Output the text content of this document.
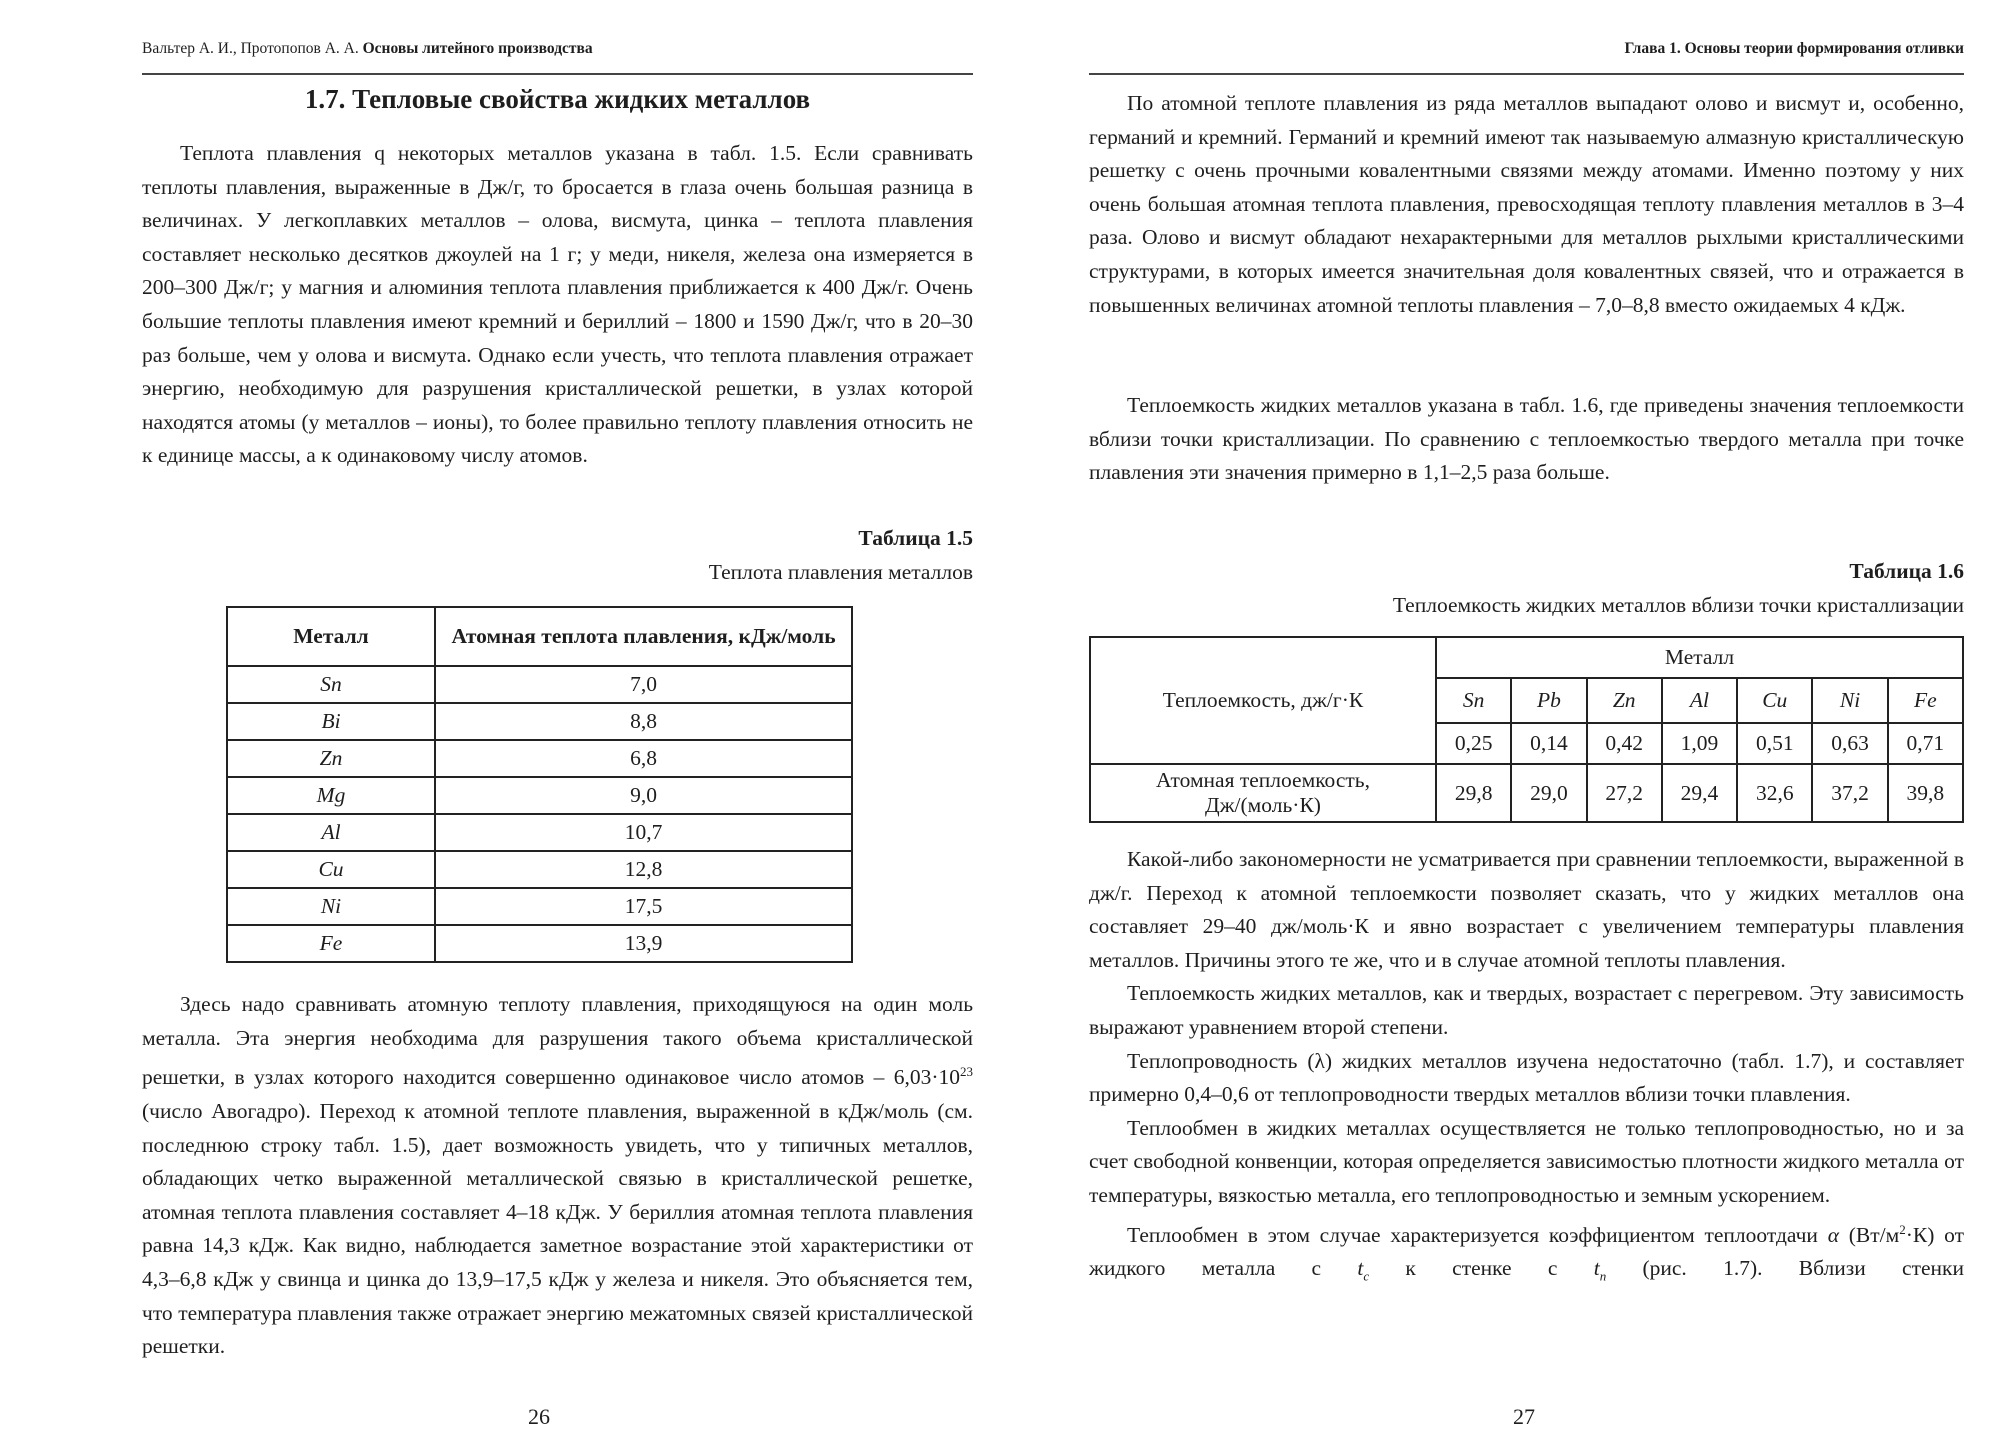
Вальтер А. И., Протопопов А. А. Основы литейного производства
1.7. Тепловые свойства жидких металлов
Теплота плавления q некоторых металлов указана в табл. 1.5. Если сравнивать теплоты плавления, выраженные в Дж/г, то бросается в глаза очень большая разница в величинах. У легкоплавких металлов – олова, висмута, цинка – теплота плавления составляет несколько десятков джоулей на 1 г; у меди, никеля, железа она измеряется в 200–300 Дж/г; у магния и алюминия теплота плавления приближается к 400 Дж/г. Очень большие теплоты плавления имеют кремний и бериллий – 1800 и 1590 Дж/г, что в 20–30 раз больше, чем у олова и висмута. Однако если учесть, что теплота плавления отражает энергию, необходимую для разрушения кристаллической решетки, в узлах которой находятся атомы (у металлов – ионы), то более правильно теплоту плавления относить не к единице массы, а к одинаковому числу атомов.
Таблица 1.5
Теплота плавления металлов
Металл	Атомная теплота плавления, кДж/моль
Sn	7,0
Bi	8,8
Zn	6,8
Mg	9,0
Al	10,7
Cu	12,8
Ni	17,5
Fe	13,9
Здесь надо сравнивать атомную теплоту плавления, приходящуюся на один моль металла. Эта энергия необходима для разрушения такого объема кристаллической решетки, в узлах которого находится совершенно одинаковое число атомов – $6,03\cdot 10^{23}$ (число Авогадро). Переход к атомной теплоте плавления, выраженной в кДж/моль (см. последнюю строку табл. 1.5), дает возможность увидеть, что у типичных металлов, обладающих четко выраженной металлической связью в кристаллической решетке, атомная теплота плавления составляет 4–18 кДж. У бериллия атомная теплота плавления равна 14,3 кДж. Как видно, наблюдается заметное возрастание этой характеристики от 4,3–6,8 кДж у свинца и цинка до 13,9–17,5 кДж у железа и никеля. Это объясняется тем, что температура плавления также отражает энергию межатомных связей кристаллической решетки.
26
Глава 1. Основы теории формирования отливки
По атомной теплоте плавления из ряда металлов выпадают олово и висмут и, особенно, германий и кремний. Германий и кремний имеют так называемую алмазную кристаллическую решетку с очень прочными ковалентными связями между атомами. Именно поэтому у них очень большая атомная теплота плавления, превосходящая теплоту плавления металлов в 3–4 раза. Олово и висмут обладают нехарактерными для металлов рыхлыми кристаллическими структурами, в которых имеется значительная доля ковалентных связей, что и отражается в повышенных величинах атомной теплоты плавления – 7,0–8,8 вместо ожидаемых 4 кДж.
Теплоемкость жидких металлов указана в табл. 1.6, где приведены значения теплоемкости вблизи точки кристаллизации. По сравнению с теплоемкостью твердого металла при точке плавления эти значения примерно в 1,1–2,5 раза больше.
Таблица 1.6
Теплоемкость жидких металлов вблизи точки кристаллизации
Теплоемкость, дж/г·К	Металл						
	Sn	Pb	Zn	Al	Cu	Ni	Fe
	0,25	0,14	0,42	1,09	0,51	0,63	0,71
Атомная теплоемкость,
Дж/(моль·К)	29,8	29,0	27,2	29,4	32,6	37,2	39,8

Какой-либо закономерности не усматривается при сравнении теплоемкости, выраженной в дж/г. Переход к атомной теплоемкости позволяет сказать, что у жидких металлов она составляет 29–40 дж/моль·К и явно возрастает с увеличением температуры плавления металлов. Причины этого те же, что и в случае атомной теплоты плавления.

Теплоемкость жидких металлов, как и твердых, возрастает с перегревом. Эту зависимость выражают уравнением второй степени.

Теплопроводность (λ) жидких металлов изучена недостаточно (табл. 1.7), и составляет примерно 0,4–0,6 от теплопроводности твердых металлов вблизи точки плавления.

Теплообмен в жидких металлах осуществляется не только теплопроводностью, но и за счет свободной конвенции, которая определяется зависимостью плотности жидкого металла от температуры, вязкостью металла, его теплопроводностью и земным ускорением.

Теплообмен в этом случае характеризуется коэффициентом теплоотдачи α $(Вт/м^2\cdot К)$ от жидкого металла с $t_c$ к стенке с $t_n$ (рис. 1.7). Вблизи стенки

27
